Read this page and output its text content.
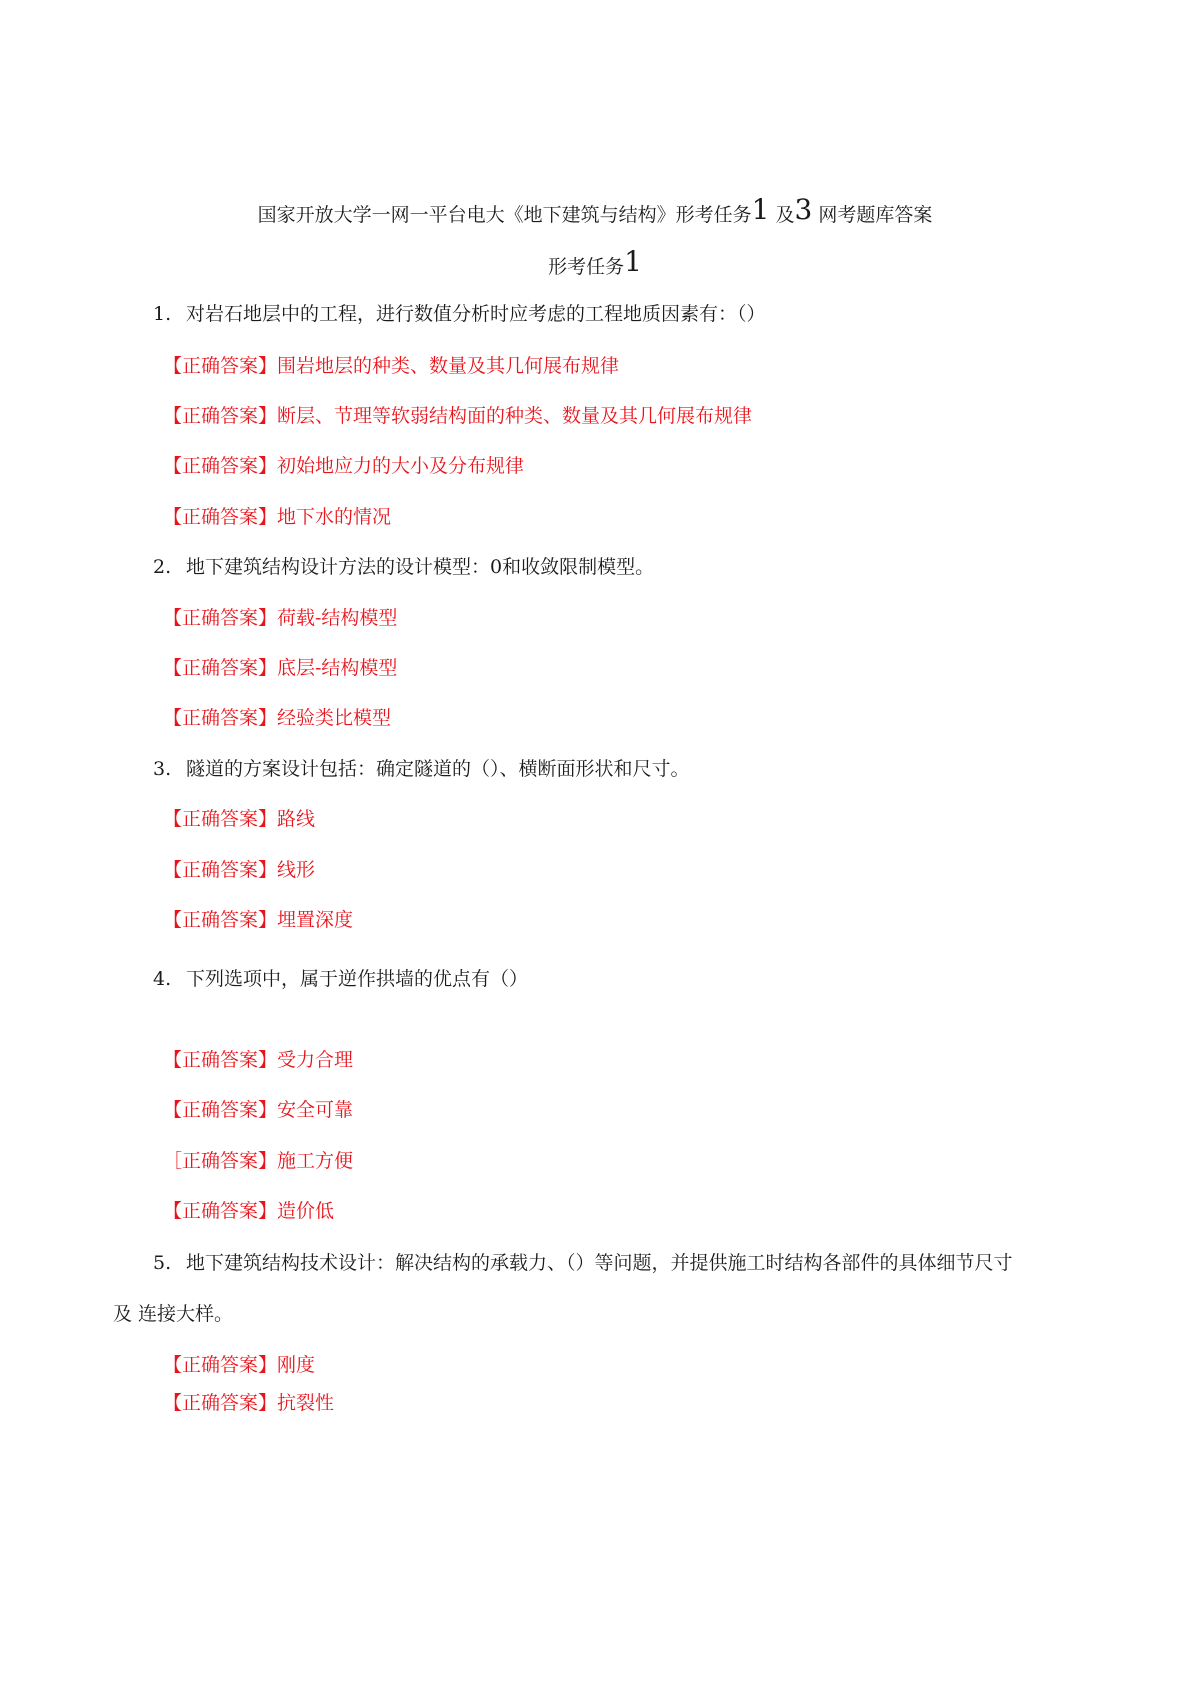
国家开放大学一网一平台电大《地下建筑与结构》形考任务1 及3 网考题库答案
形考任务1
1. 对岩石地层中的工程，进行数值分析时应考虑的工程地质因素有：（）
【正确答案】围岩地层的种类、数量及其几何展布规律
【正确答案】断层、节理等软弱结构面的种类、数量及其几何展布规律
【正确答案】初始地应力的大小及分布规律
【正确答案】地下水的情况
2. 地下建筑结构设计方法的设计模型：0和收敛限制模型。
【正确答案】荷载-结构模型
【正确答案】底层-结构模型
【正确答案】经验类比模型
3. 隧道的方案设计包括：确定隧道的（）、横断面形状和尺寸。
【正确答案】路线
【正确答案】线形
【正确答案】埋置深度
4. 下列选项中，属于逆作拱墙的优点有（）
【正确答案】受力合理
【正确答案】安全可靠
［正确答案】施工方便
【正确答案】造价低
5. 地下建筑结构技术设计：解决结构的承载力、（）等问题，并提供施工时结构各部件的具体细节尺寸
及 连接大样。
【正确答案】刚度
【正确答案】抗裂性
